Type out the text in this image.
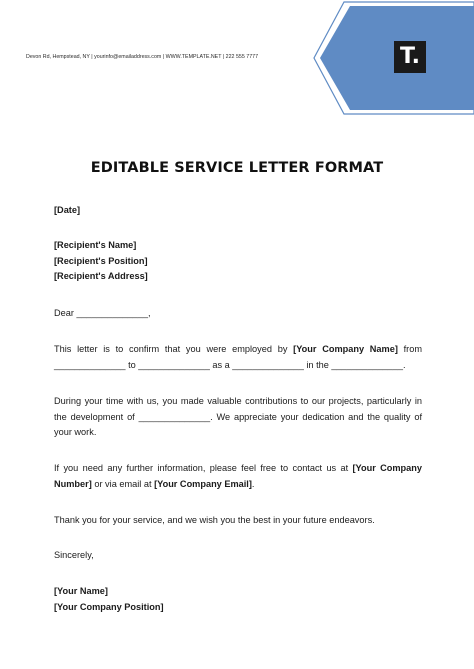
T.
Devon Rd, Hempstead, NY | yourinfo@emailaddress.com | WWW.TEMPLATE.NET | 222 555 7777
EDITABLE SERVICE LETTER FORMAT

[Date]

[Recipient's Name]

[Recipient's Position]

[Recipient's Address]

Dear ______________,

This letter is to confirm that you were employed by [Your Company Name] from

______________ to ______________ as a ______________ in the ______________.

During your time with us, you made valuable contributions to our projects, particularly in

the development of ______________. We appreciate your dedication and the quality of

your work.

If you need any further information, please feel free to contact us at [Your Company Number] or via email at [Your Company Email].

Thank you for your service, and we wish you the best in your future endeavors.

Sincerely,

[Your Name]

[Your Company Position]
